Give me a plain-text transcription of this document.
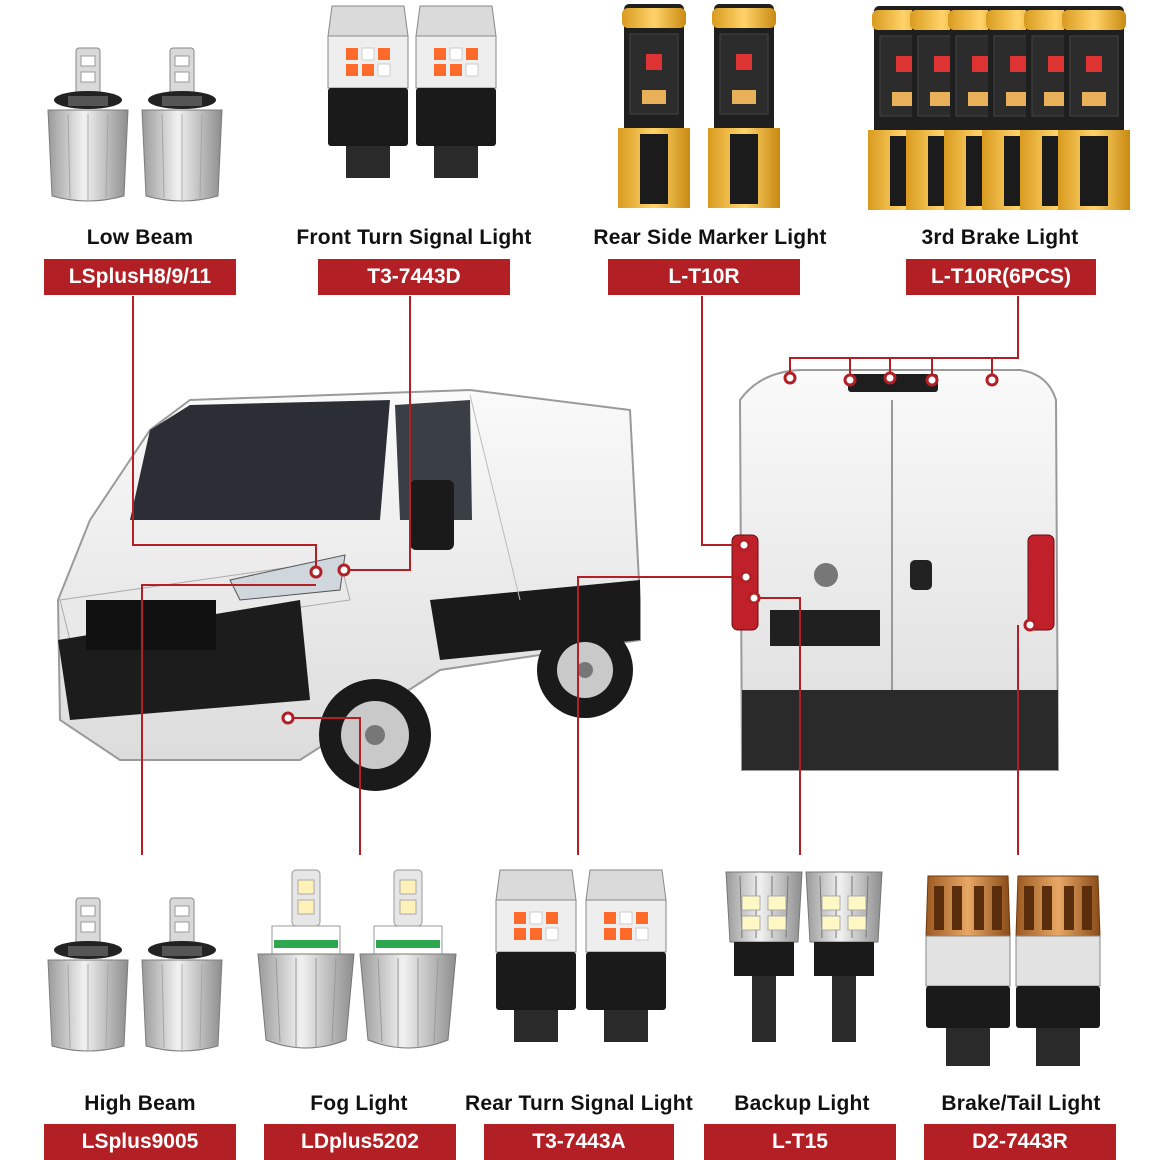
Low Beam
LSplusH8/9/11
Front Turn Signal Light
T3-7443D
Rear Side Marker Light
L-T10R
3rd Brake Light
L-T10R(6PCS)
High Beam
LSplus9005
Fog Light
LDplus5202
Rear Turn Signal Light
T3-7443A
Backup Light
L-T15
Brake/Tail Light
D2-7443R
